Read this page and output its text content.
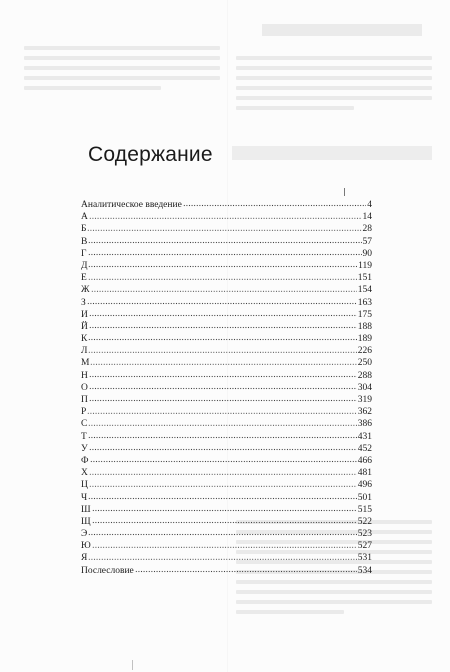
Содержание
Аналитическое введение	4
А	14
Б	28
В	57
Г	90
Д	119
Е	151
Ж	154
З	163
И	175
Й	188
К	189
Л	226
М	250
Н	288
О	304
П	319
Р	362
С	386
Т	431
У	452
Ф	466
Х	481
Ц	496
Ч	501
Ш	515
Щ	522
Э	523
Ю	527
Я	531
Послесловие	534
